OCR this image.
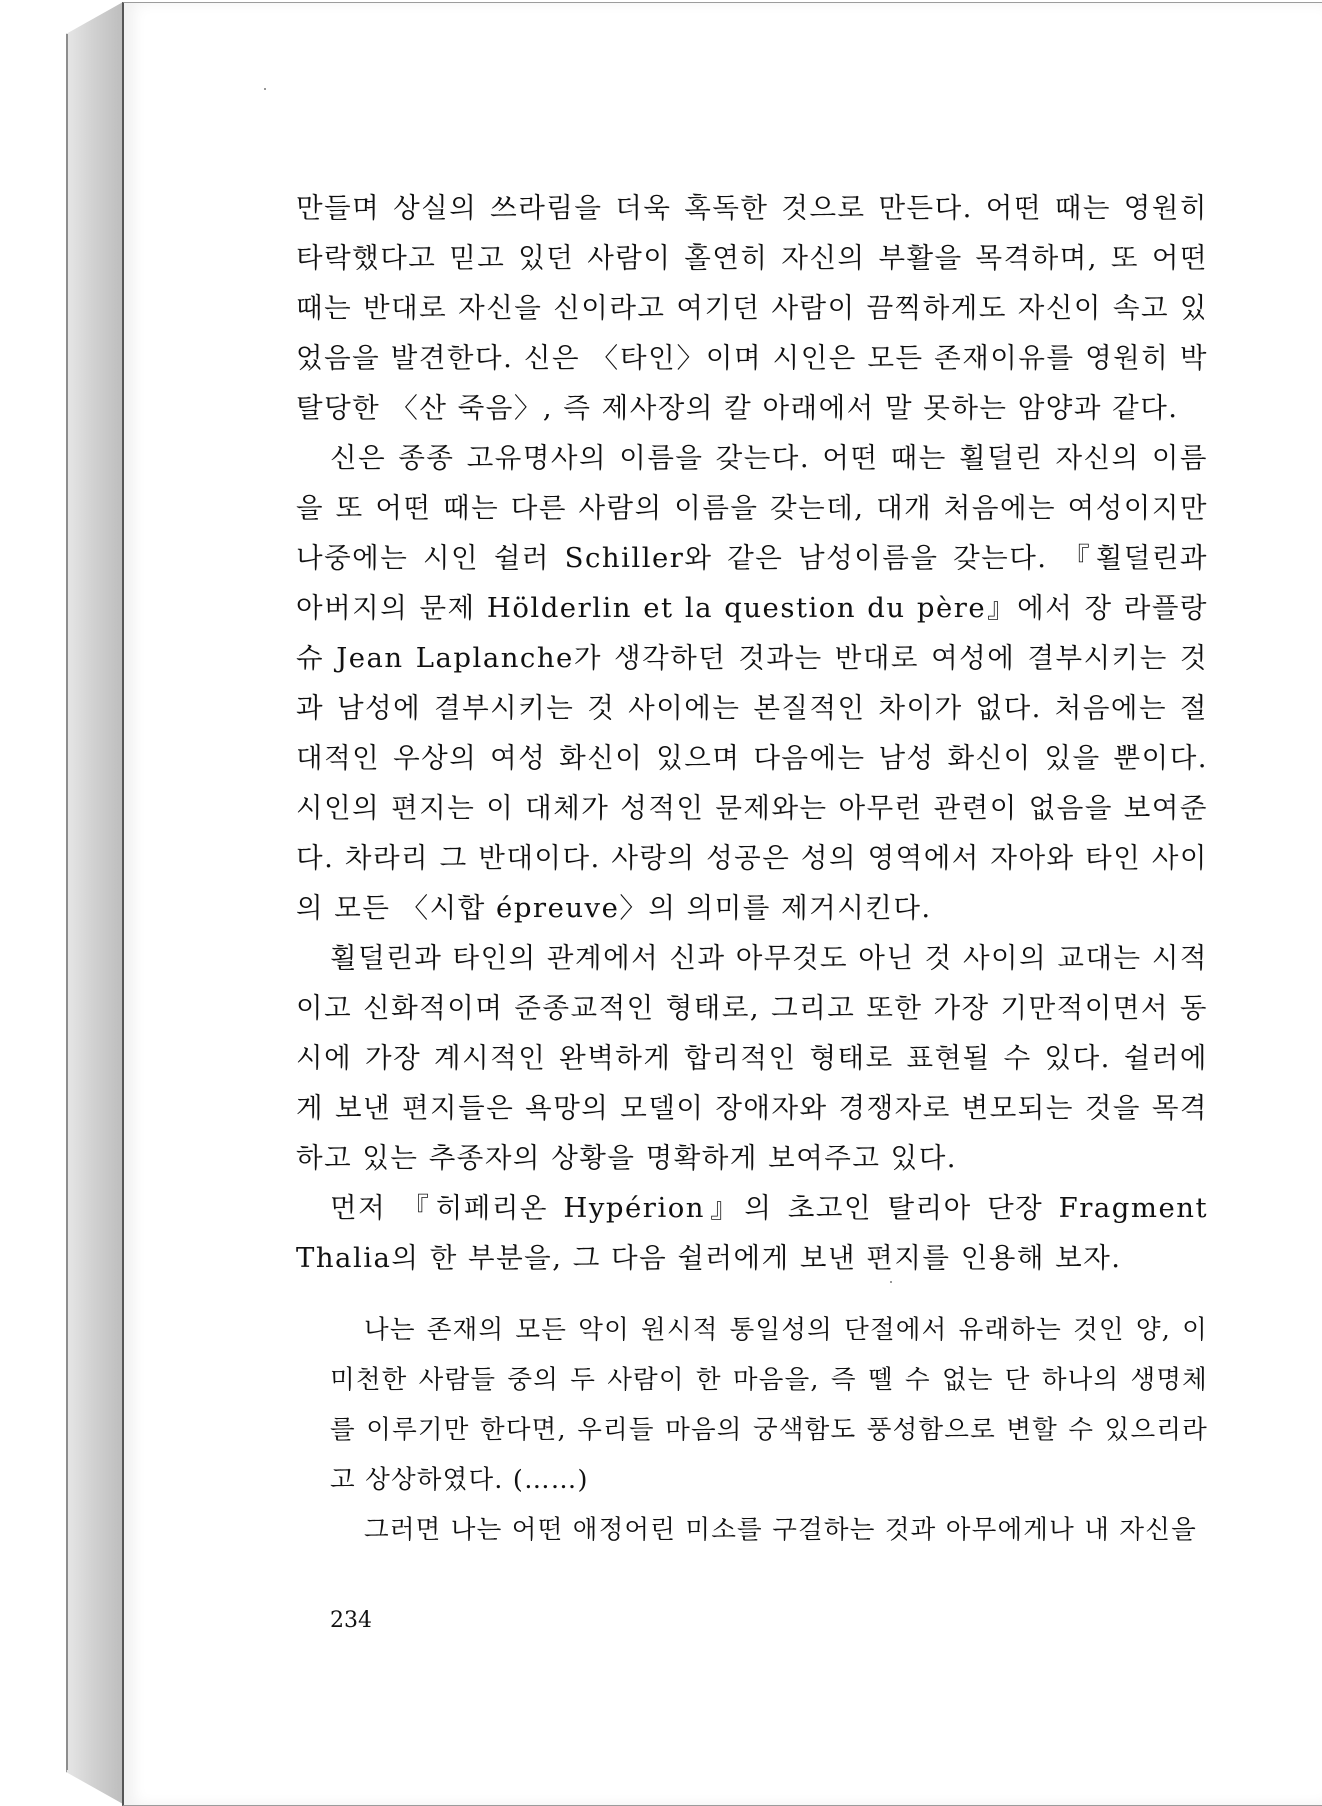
만들며 상실의 쓰라림을 더욱 혹독한 것으로 만든다. 어떤 때는 영원히 타락했다고 믿고 있던 사람이 홀연히 자신의 부활을 목격하며, 또 어떤 때는 반대로 자신을 신이라고 여기던 사람이 끔찍하게도 자신이 속고 있었음을 발견한다. 신은 〈타인〉이며 시인은 모든 존재이유를 영원히 박탈당한 〈산 죽음〉, 즉 제사장의 칼 아래에서 말 못하는 암양과 같다.

신은 종종 고유명사의 이름을 갖는다. 어떤 때는 횔덜린 자신의 이름을 또 어떤 때는 다른 사람의 이름을 갖는데, 대개 처음에는 여성이지만 나중에는 시인 쉴러 Schiller와 같은 남성이름을 갖는다. 『횔덜린과 아버지의 문제 Hölderlin et la question du père』에서 장 라플랑슈 Jean Laplanche가 생각하던 것과는 반대로 여성에 결부시키는 것과 남성에 결부시키는 것 사이에는 본질적인 차이가 없다. 처음에는 절대적인 우상의 여성 화신이 있으며 다음에는 남성 화신이 있을 뿐이다. 시인의 편지는 이 대체가 성적인 문제와는 아무런 관련이 없음을 보여준다. 차라리 그 반대이다. 사랑의 성공은 성의 영역에서 자아와 타인 사이의 모든 〈시합 épreuve〉의 의미를 제거시킨다.

횔덜린과 타인의 관계에서 신과 아무것도 아닌 것 사이의 교대는 시적이고 신화적이며 준종교적인 형태로, 그리고 또한 가장 기만적이면서 동시에 가장 계시적인 완벽하게 합리적인 형태로 표현될 수 있다. 쉴러에게 보낸 편지들은 욕망의 모델이 장애자와 경쟁자로 변모되는 것을 목격하고 있는 추종자의 상황을 명확하게 보여주고 있다.

먼저 『히페리온 Hypérion』의 초고인 탈리아 단장 Fragment Thalia의 한 부분을, 그 다음 쉴러에게 보낸 편지를 인용해 보자.

나는 존재의 모든 악이 원시적 통일성의 단절에서 유래하는 것인 양, 이 미천한 사람들 중의 두 사람이 한 마음을, 즉 뗄 수 없는 단 하나의 생명체를 이루기만 한다면, 우리들 마음의 궁색함도 풍성함으로 변할 수 있으리라고 상상하였다. (……)

그러면 나는 어떤 애정어린 미소를 구걸하는 것과 아무에게나 내 자신을

234
